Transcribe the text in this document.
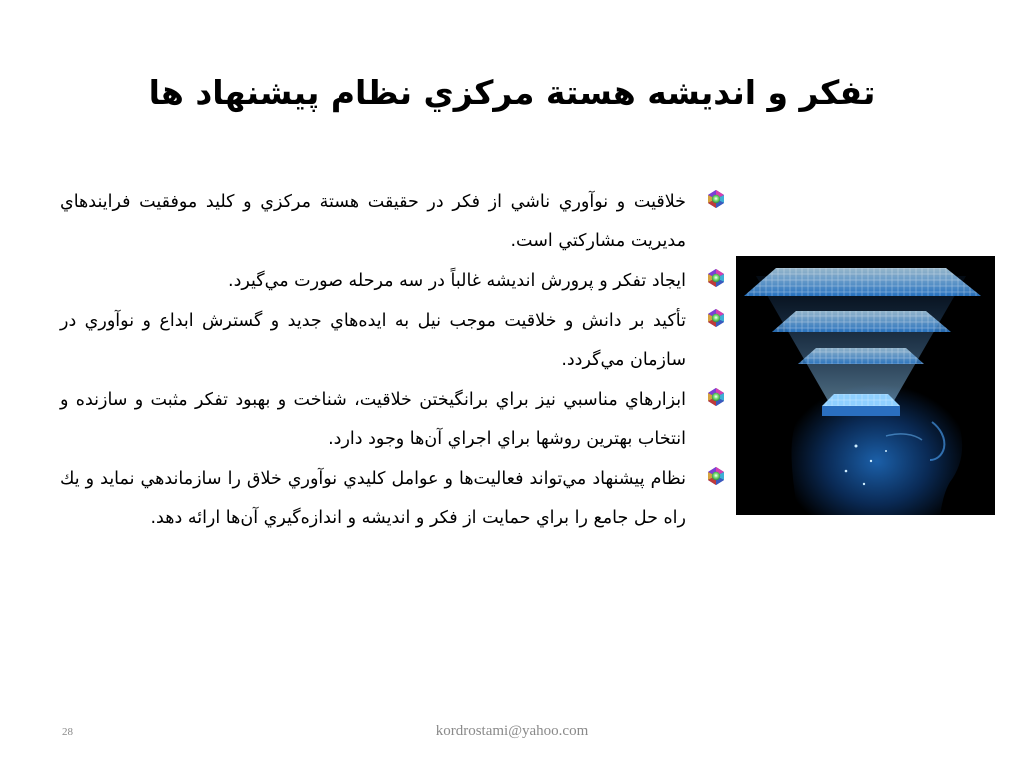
تفکر و انديشه هستة مرکزي نظام پيشنهاد ها
خلاقيت و نوآوري ناشي از فکر در حقيقت هستة مرکزي و کليد موفقيت فرايندهاي مديريت مشارکتي است.
ايجاد تفکر و پرورش انديشه غالباً در سه مرحله صورت مي‌گيرد.
تأکيد بر دانش و خلاقيت موجب نيل به ايده‌هاي جديد و گسترش ابداع و نوآوري در سازمان مي‌گردد.
ابزارهاي مناسبي نيز براي برانگيختن خلاقيت، شناخت و بهبود تفکر مثبت و سازنده و انتخاب بهترين روشها براي اجراي آن‌ها وجود دارد.
نظام پيشنهاد مي‌تواند فعاليت‌ها و عوامل کليدي نوآوري خلاق را سازماندهي نمايد و يك راه حل جامع را براي حمايت از فكر و انديشه و اندازه‌گيري آن‌ها ارائه دهد.
28	kordrostami@yahoo.com
